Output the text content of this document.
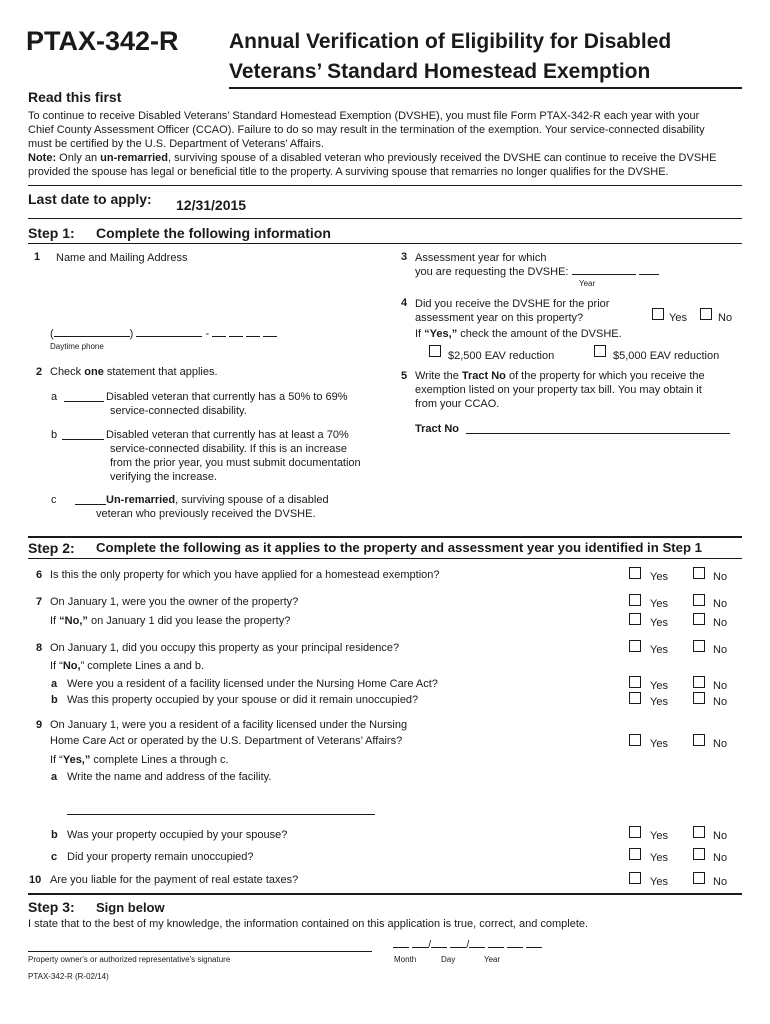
PTAX-342-R Annual Verification of Eligibility for Disabled
Veterans’ Standard Homestead Exemption
Read this first
To continue to receive Disabled Veterans’ Standard Homestead Exemption (DVSHE), you must file Form PTAX-342-R each year with your
Chief County Assessment Officer (CCAO). Failure to do so may result in the termination of the exemption. Your service-connected disability
must be certified by the U.S. Department of Veterans’ Affairs.
Note: Only an un-remarried, surviving spouse of a disabled veteran who previously received the DVSHE can continue to receive the DVSHE
provided the spouse has legal or beneficial title to the property. A surviving spouse that remarries no longer qualifies for the DVSHE.
Last date to apply: 12/31/2015
Step 1: Complete the following information
1 Name and Mailing Address
(	)	-
Daytime phone
2 Check one statement that applies.
a	Disabled veteran that currently has a 50% to 69%
service-connected disability.
b	Disabled veteran that currently has at least a 70%
service-connected disability. If this is an increase
from the prior year, you must submit documentation
verifying the increase.
c	Un-remarried, surviving spouse of a disabled
veteran who previously received the DVSHE.
3 Assessment year for which
you are requesting the DVSHE:
Year
4 Did you receive the DVSHE for the prior
assessment year on this property?
If “Yes,” check the amount of the DVSHE.
Yes	No
$2,500 EAV reduction	$5,000 EAV reduction
5 Write the Tract No of the property for which you receive the
exemption listed on your property tax bill. You may obtain it
from your CCAO.
Tract No
Step 2: Complete the following as it applies to the property and assessment year you identified in Step 1
6 Is this the only property for which you have applied for a homestead exemption?	Yes	No
7 On January 1, were you the owner of the property?	Yes	No
If “No,” on January 1 did you lease the property?	Yes	No
8 On January 1, did you occupy this property as your principal residence?	Yes	No
If “No,” complete Lines a and b.
a Were you a resident of a facility licensed under the Nursing Home Care Act?	Yes	No
b Was this property occupied by your spouse or did it remain unoccupied?	Yes	No
9 On January 1, were you a resident of a facility licensed under the Nursing
Home Care Act or operated by the U.S. Department of Veterans’ Affairs?	Yes	No
If “Yes,” complete Lines a through c.
a Write the name and address of the facility.
b Was your property occupied by your spouse?	Yes	No
c Did your property remain unoccupied?	Yes	No
10 Are you liable for the payment of real estate taxes?	Yes	No
Step 3: Sign below
I state that to the best of my knowledge, the information contained on this application is true, correct, and complete.
Property owner's or authorized representative's signature
/	/
Month	Day	Year
PTAX-342-R (R-02/14)
